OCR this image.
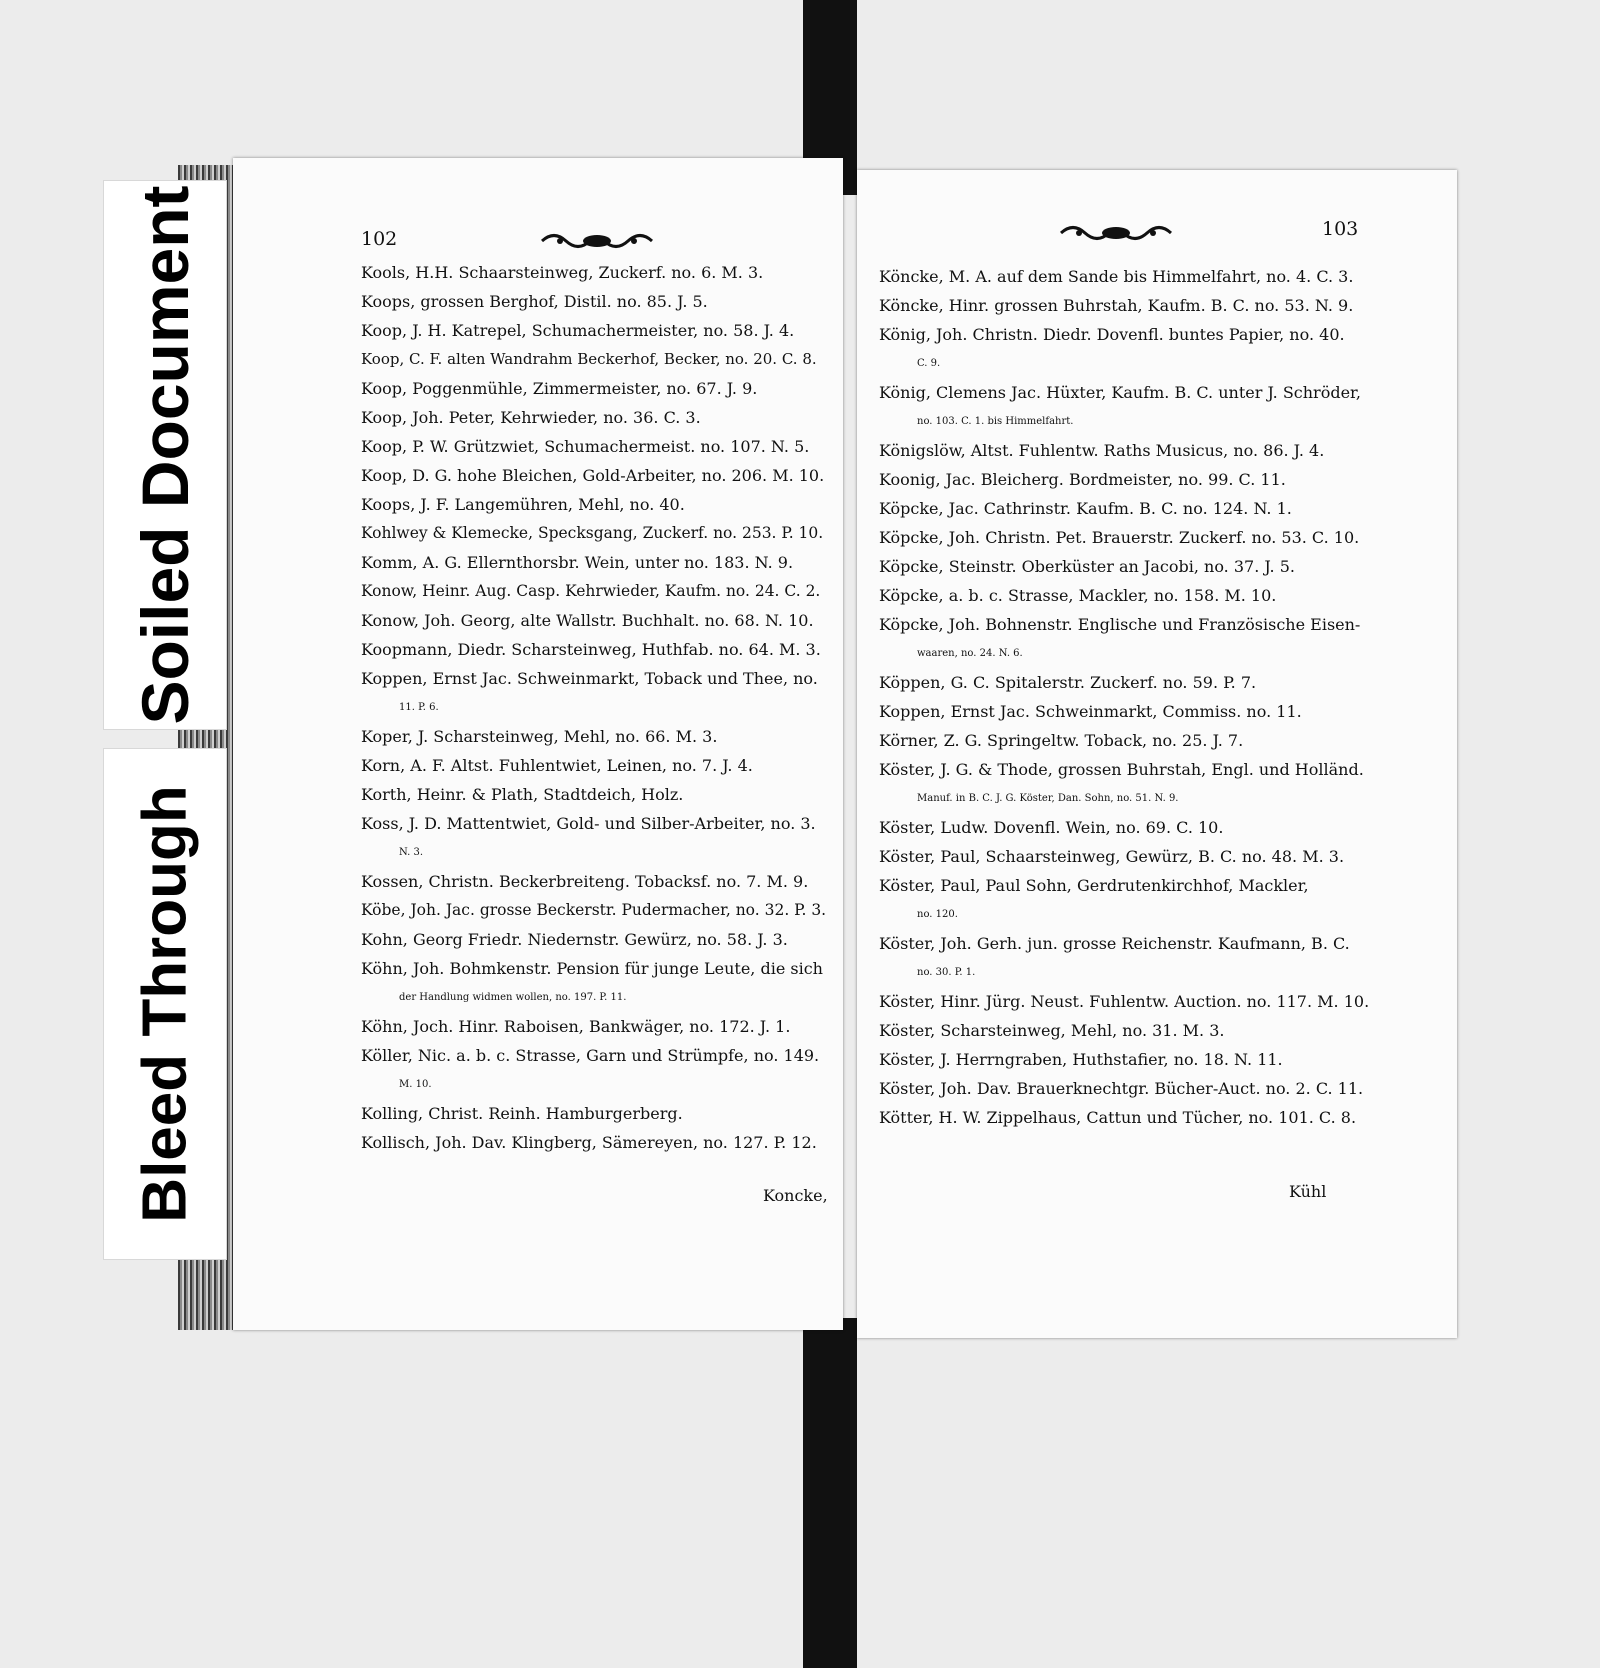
102
Kools, H.H. Schaarsteinweg, Zuckerf. no. 6. M. 3.
Koops, grossen Berghof, Distil. no. 85. J. 5.
Koop, J. H. Katrepel, Schumachermeister, no. 58. J. 4.
Koop, C. F. alten Wandrahm Beckerhof, Becker, no. 20. C. 8.
Koop, Poggenmühle, Zimmermeister, no. 67. J. 9.
Koop, Joh. Peter, Kehrwieder, no. 36. C. 3.
Koop, P. W. Grützwiet, Schumachermeist. no. 107. N. 5.
Koop, D. G. hohe Bleichen, Gold-Arbeiter, no. 206. M. 10.
Koops, J. F. Langemühren, Mehl, no. 40.
Kohlwey & Klemecke, Specksgang, Zuckerf. no. 253. P. 10.
Komm, A. G. Ellernthorsbr. Wein, unter no. 183. N. 9.
Konow, Heinr. Aug. Casp. Kehrwieder, Kaufm. no. 24. C. 2.
Konow, Joh. Georg, alte Wallstr. Buchhalt. no. 68. N. 10.
Koopmann, Diedr. Scharsteinweg, Huthfab. no. 64. M. 3.
Koppen, Ernst Jac. Schweinmarkt, Toback und Thee, no.
11. P. 6.
Koper, J. Scharsteinweg, Mehl, no. 66. M. 3.
Korn, A. F. Altst. Fuhlentwiet, Leinen, no. 7. J. 4.
Korth, Heinr. & Plath, Stadtdeich, Holz.
Koss, J. D. Mattentwiet, Gold- und Silber-Arbeiter, no. 3.
N. 3.
Kossen, Christn. Beckerbreiteng. Tobacksf. no. 7. M. 9.
Köbe, Joh. Jac. grosse Beckerstr. Pudermacher, no. 32. P. 3.
Kohn, Georg Friedr. Niedernstr. Gewürz, no. 58. J. 3.
Köhn, Joh. Bohmkenstr. Pension für junge Leute, die sich
der Handlung widmen wollen, no. 197. P. 11.
Köhn, Joch. Hinr. Raboisen, Bankwäger, no. 172. J. 1.
Köller, Nic. a. b. c. Strasse, Garn und Strümpfe, no. 149.
M. 10.
Kolling, Christ. Reinh. Hamburgerberg.
Kollisch, Joh. Dav. Klingberg, Sämereyen, no. 127. P. 12.
Koncke,
103
Köncke, M. A. auf dem Sande bis Himmelfahrt, no. 4. C. 3.
Köncke, Hinr. grossen Buhrstah, Kaufm. B. C. no. 53. N. 9.
König, Joh. Christn. Diedr. Dovenfl. buntes Papier, no. 40.
C. 9.
König, Clemens Jac. Hüxter, Kaufm. B. C. unter J. Schröder,
no. 103. C. 1. bis Himmelfahrt.
Königslöw, Altst. Fuhlentw. Raths Musicus, no. 86. J. 4.
Koonig, Jac. Bleicherg. Bordmeister, no. 99. C. 11.
Köpcke, Jac. Cathrinstr. Kaufm. B. C. no. 124. N. 1.
Köpcke, Joh. Christn. Pet. Brauerstr. Zuckerf. no. 53. C. 10.
Köpcke, Steinstr. Oberküster an Jacobi, no. 37. J. 5.
Köpcke, a. b. c. Strasse, Mackler, no. 158. M. 10.
Köpcke, Joh. Bohnenstr. Englische und Französische Eisen-
waaren, no. 24. N. 6.
Köppen, G. C. Spitalerstr. Zuckerf. no. 59. P. 7.
Koppen, Ernst Jac. Schweinmarkt, Commiss. no. 11.
Körner, Z. G. Springeltw. Toback, no. 25. J. 7.
Köster, J. G. & Thode, grossen Buhrstah, Engl. und Holländ.
Manuf. in B. C. J. G. Köster, Dan. Sohn, no. 51. N. 9.
Köster, Ludw. Dovenfl. Wein, no. 69. C. 10.
Köster, Paul, Schaarsteinweg, Gewürz, B. C. no. 48. M. 3.
Köster, Paul, Paul Sohn, Gerdrutenkirchhof, Mackler,
no. 120.
Köster, Joh. Gerh. jun. grosse Reichenstr. Kaufmann, B. C.
no. 30. P. 1.
Köster, Hinr. Jürg. Neust. Fuhlentw. Auction. no. 117. M. 10.
Köster, Scharsteinweg, Mehl, no. 31. M. 3.
Köster, J. Herrngraben, Huthstafier, no. 18. N. 11.
Köster, Joh. Dav. Brauerknechtgr. Bücher-Auct. no. 2. C. 11.
Kötter, H. W. Zippelhaus, Cattun und Tücher, no. 101. C. 8.
Kühl
Soiled Document
Bleed Through
